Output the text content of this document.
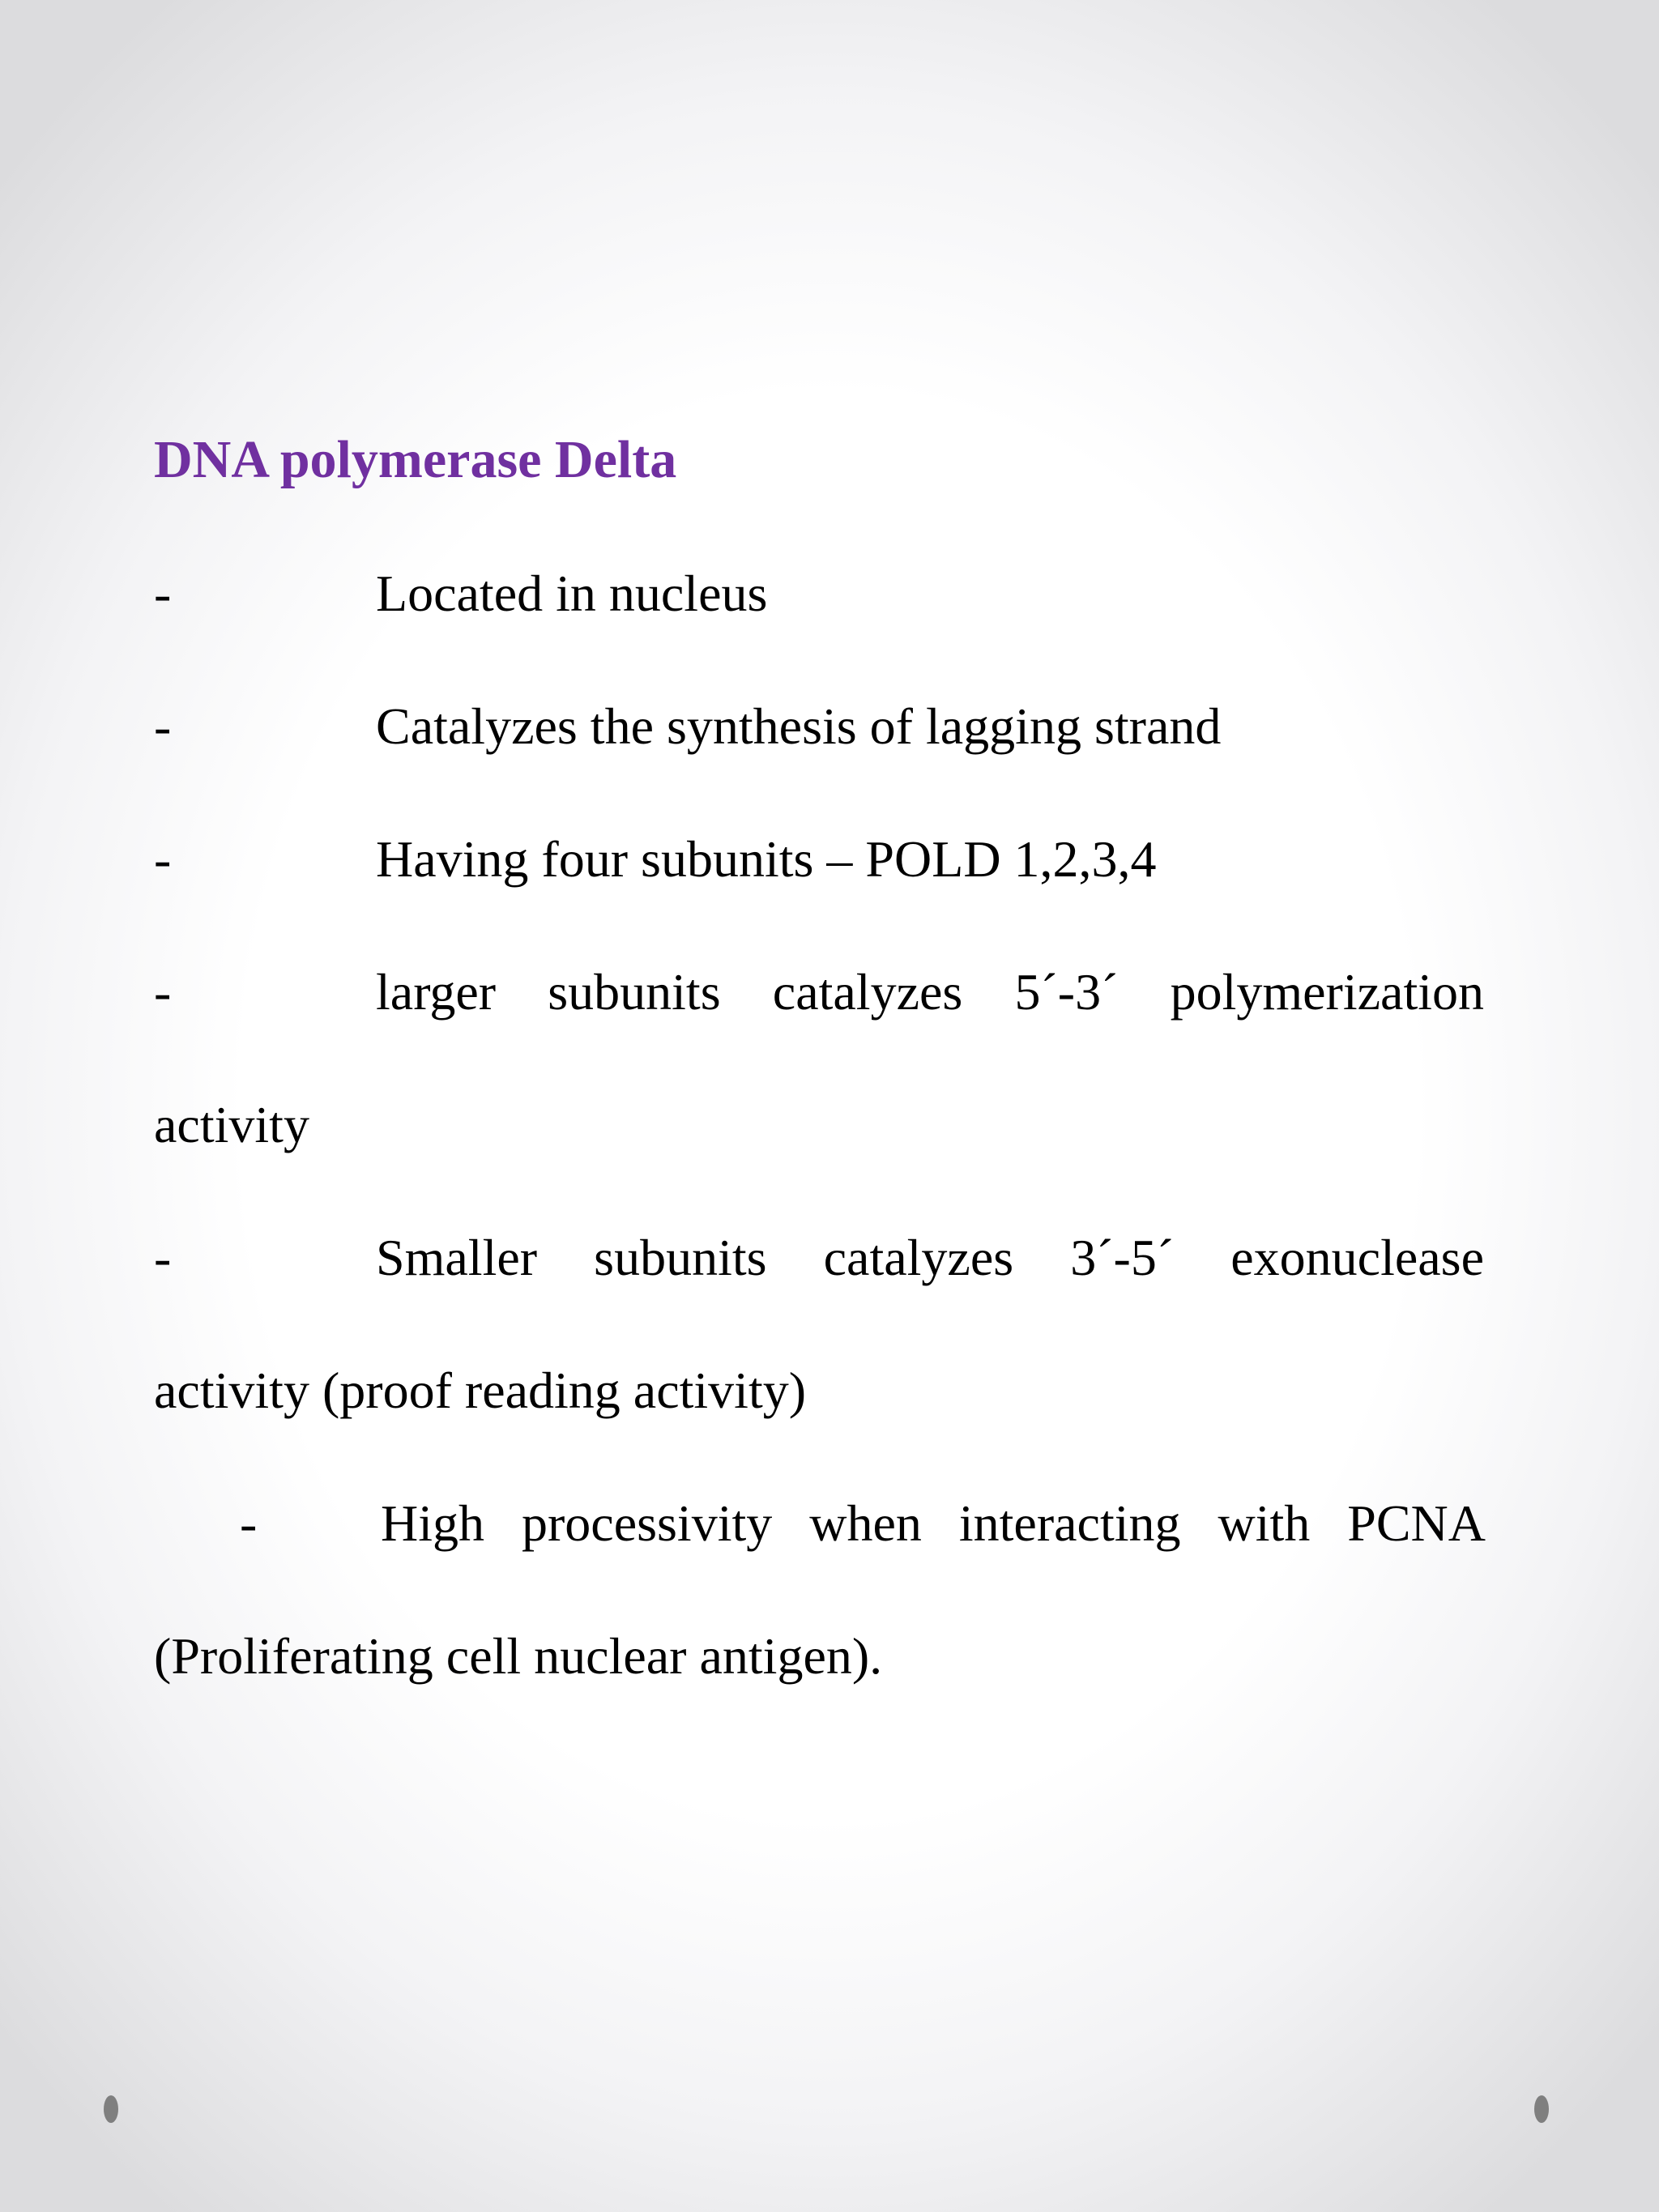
DNA polymerase Delta
-	Located in nucleus
-	Catalyzes the synthesis of lagging strand
-	Having four subunits – POLD 1,2,3,4
-	larger subunits catalyzes 5´-3´ polymerization
activity
-	Smaller subunits catalyzes 3´-5´ exonuclease
activity (proof reading activity)
- High processivity when interacting with PCNA
(Proliferating cell nuclear antigen).
